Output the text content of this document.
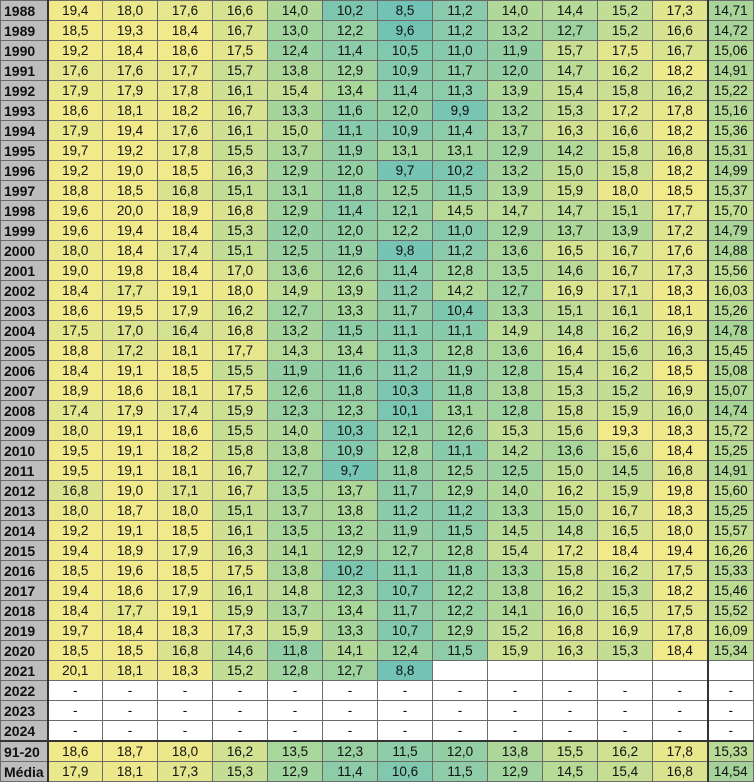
1988	19,4	18,0	17,6	16,6	14,0	10,2	8,5	11,2	14,0	14,4	15,2	17,3	14,71
1989	18,5	19,3	18,4	16,7	13,0	12,2	9,6	11,2	13,2	12,7	15,2	16,6	14,72
1990	19,2	18,4	18,6	17,5	12,4	11,4	10,5	11,0	11,9	15,7	17,5	16,7	15,06
1991	17,6	17,6	17,7	15,7	13,8	12,9	10,9	11,7	12,0	14,7	16,2	18,2	14,91
1992	17,9	17,9	17,8	16,1	15,4	13,4	11,4	11,3	13,9	15,4	15,8	16,2	15,22
1993	18,6	18,1	18,2	16,7	13,3	11,6	12,0	9,9	13,2	15,3	17,2	17,8	15,16
1994	17,9	19,4	17,6	16,1	15,0	11,1	10,9	11,4	13,7	16,3	16,6	18,2	15,36
1995	19,7	19,2	17,8	15,5	13,7	11,9	13,1	13,1	12,9	14,2	15,8	16,8	15,31
1996	19,2	19,0	18,5	16,3	12,9	12,0	9,7	10,2	13,2	15,0	15,8	18,2	14,99
1997	18,8	18,5	16,8	15,1	13,1	11,8	12,5	11,5	13,9	15,9	18,0	18,5	15,37
1998	19,6	20,0	18,9	16,8	12,9	11,4	12,1	14,5	14,7	14,7	15,1	17,7	15,70
1999	19,6	19,4	18,4	15,3	12,0	12,0	12,2	11,0	12,9	13,7	13,9	17,2	14,79
2000	18,0	18,4	17,4	15,1	12,5	11,9	9,8	11,2	13,6	16,5	16,7	17,6	14,88
2001	19,0	19,8	18,4	17,0	13,6	12,6	11,4	12,8	13,5	14,6	16,7	17,3	15,56
2002	18,4	17,7	19,1	18,0	14,9	13,9	11,2	14,2	12,7	16,9	17,1	18,3	16,03
2003	18,6	19,5	17,9	16,2	12,7	13,3	11,7	10,4	13,3	15,1	16,1	18,1	15,26
2004	17,5	17,0	16,4	16,8	13,2	11,5	11,1	11,1	14,9	14,8	16,2	16,9	14,78
2005	18,8	17,2	18,1	17,7	14,3	13,4	11,3	12,8	13,6	16,4	15,6	16,3	15,45
2006	18,4	19,1	18,5	15,5	11,9	11,6	11,2	11,9	12,8	15,4	16,2	18,5	15,08
2007	18,9	18,6	18,1	17,5	12,6	11,8	10,3	11,8	13,8	15,3	15,2	16,9	15,07
2008	17,4	17,9	17,4	15,9	12,3	12,3	10,1	13,1	12,8	15,8	15,9	16,0	14,74
2009	18,0	19,1	18,6	15,5	14,0	10,3	12,1	12,6	15,3	15,6	19,3	18,3	15,72
2010	19,5	19,1	18,2	15,8	13,8	10,9	12,8	11,1	14,2	13,6	15,6	18,4	15,25
2011	19,5	19,1	18,1	16,7	12,7	9,7	11,8	12,5	12,5	15,0	14,5	16,8	14,91
2012	16,8	19,0	17,1	16,7	13,5	13,7	11,7	12,9	14,0	16,2	15,9	19,8	15,60
2013	18,0	18,7	18,0	15,1	13,7	13,8	11,2	11,2	13,3	15,0	16,7	18,3	15,25
2014	19,2	19,1	18,5	16,1	13,5	13,2	11,9	11,5	14,5	14,8	16,5	18,0	15,57
2015	19,4	18,9	17,9	16,3	14,1	12,9	12,7	12,8	15,4	17,2	18,4	19,4	16,26
2016	18,5	19,6	18,5	17,5	13,8	10,2	11,1	11,8	13,3	15,8	16,2	17,5	15,33
2017	19,4	18,6	17,9	16,1	14,8	12,3	10,7	12,2	13,8	16,2	15,3	18,2	15,46
2018	18,4	17,7	19,1	15,9	13,7	13,4	11,7	12,2	14,1	16,0	16,5	17,5	15,52
2019	19,7	18,4	18,3	17,3	15,9	13,3	10,7	12,9	15,2	16,8	16,9	17,8	16,09
2020	18,5	18,5	16,8	14,6	11,8	14,1	12,4	11,5	15,9	16,3	15,3	18,4	15,34
2021	20,1	18,1	18,3	15,2	12,8	12,7	8,8						
2022	-	-	-	-	-	-	-	-	-	-	-	-	-
2023	-	-	-	-	-	-	-	-	-	-	-	-	-
2024	-	-	-	-	-	-	-	-	-	-	-	-	-
91-20	18,6	18,7	18,0	16,2	13,5	12,3	11,5	12,0	13,8	15,5	16,2	17,8	15,33
Média	17,9	18,1	17,3	15,3	12,9	11,4	10,6	11,5	12,9	14,5	15,4	16,8	14,54
